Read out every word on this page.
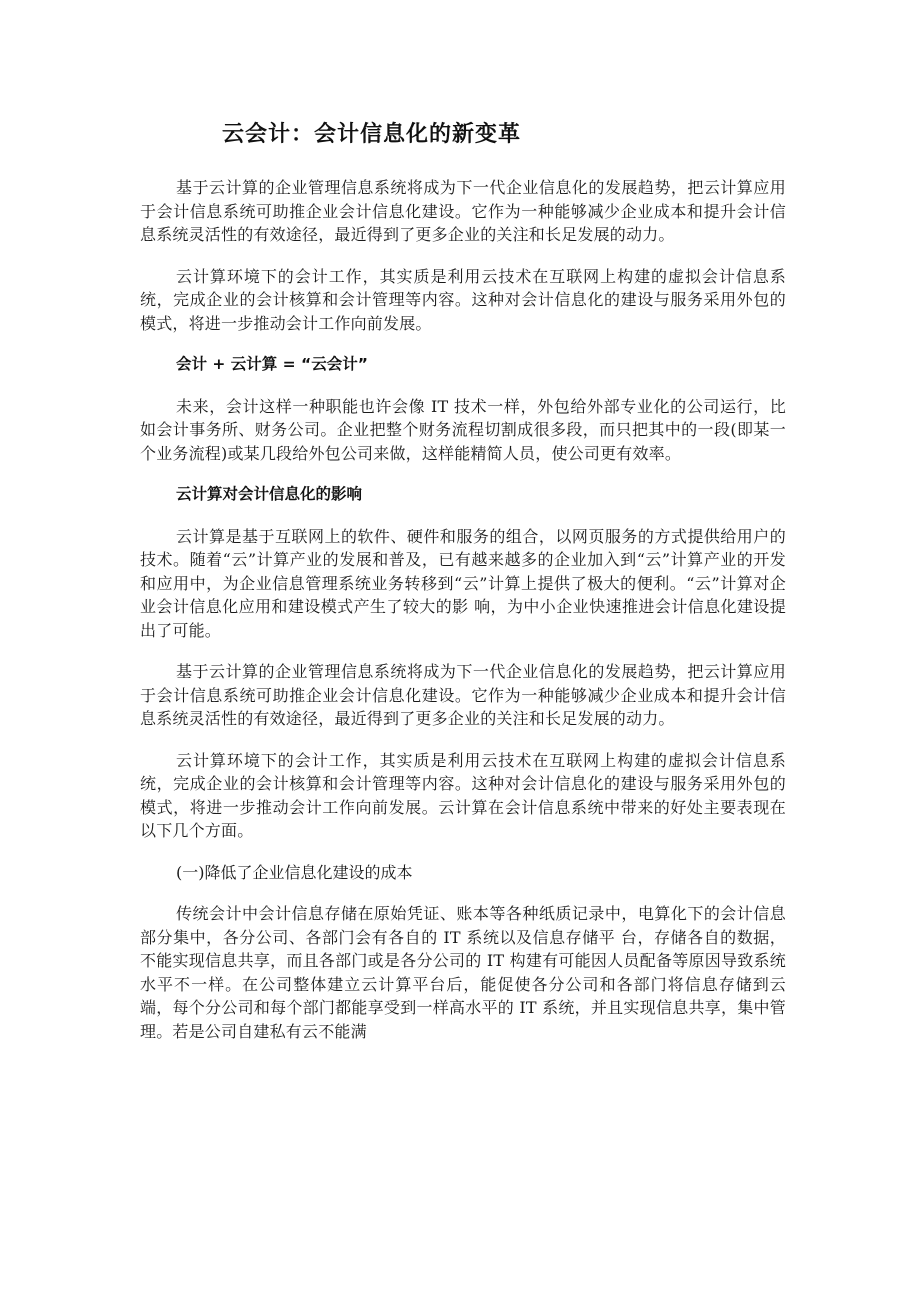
云会计：会计信息化的新变革

基于云计算的企业管理信息系统将成为下一代企业信息化的发展趋势，把云计算应用于会计信息系统可助推企业会计信息化建设。它作为一种能够减少企业成本和提升会计信息系统灵活性的有效途径，最近得到了更多企业的关注和长足发展的动力。

云计算环境下的会计工作，其实质是利用云技术在互联网上构建的虚拟会计信息系统，完成企业的会计核算和会计管理等内容。这种对会计信息化的建设与服务采用外包的模式，将进一步推动会计工作向前发展。

会计 + 云计算 = “云会计”

未来，会计这样一种职能也许会像 IT 技术一样，外包给外部专业化的公司运行，比如会计事务所、财务公司。企业把整个财务流程切割成很多段，而只把其中的一段(即某一个业务流程)或某几段给外包公司来做，这样能精简人员，使公司更有效率。

云计算对会计信息化的影响

云计算是基于互联网上的软件、硬件和服务的组合，以网页服务的方式提供给用户的技术。随着“云”计算产业的发展和普及，已有越来越多的企业加入到“云”计算产业的开发和应用中，为企业信息管理系统业务转移到“云”计算上提供了极大的便利。“云”计算对企业会计信息化应用和建设模式产生了较大的影 响，为中小企业快速推进会计信息化建设提出了可能。

基于云计算的企业管理信息系统将成为下一代企业信息化的发展趋势，把云计算应用于会计信息系统可助推企业会计信息化建设。它作为一种能够减少企业成本和提升会计信息系统灵活性的有效途径，最近得到了更多企业的关注和长足发展的动力。

云计算环境下的会计工作，其实质是利用云技术在互联网上构建的虚拟会计信息系统，完成企业的会计核算和会计管理等内容。这种对会计信息化的建设与服务采用外包的模式，将进一步推动会计工作向前发展。云计算在会计信息系统中带来的好处主要表现在以下几个方面。

(一)降低了企业信息化建设的成本

传统会计中会计信息存储在原始凭证、账本等各种纸质记录中，电算化下的会计信息部分集中，各分公司、各部门会有各自的 IT 系统以及信息存储平 台，存储各自的数据，不能实现信息共享，而且各部门或是各分公司的 IT 构建有可能因人员配备等原因导致系统水平不一样。在公司整体建立云计算平台后，能促使各分公司和各部门将信息存储到云端，每个分公司和每个部门都能享受到一样高水平的 IT 系统，并且实现信息共享，集中管理。若是公司自建私有云不能满
